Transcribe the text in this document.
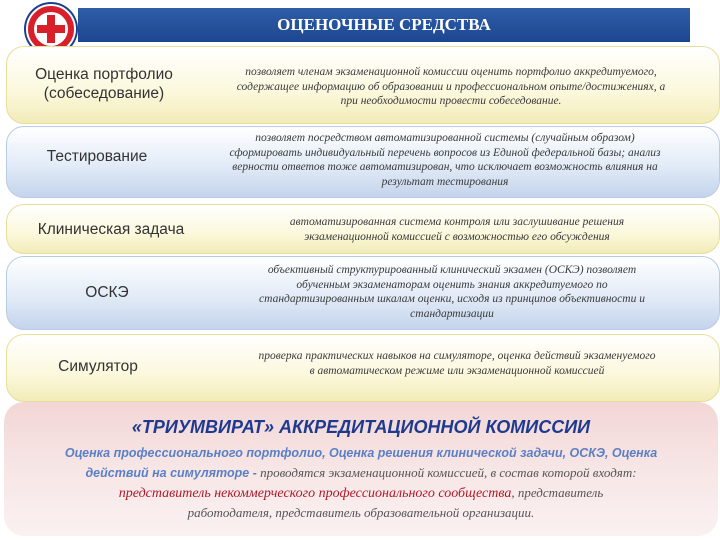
ОЦЕНОЧНЫЕ СРЕДСТВА
Оценка портфолио
(собеседование)
позволяет членам экзаменационной комиссии оценить портфолио аккредитуемого,
содержащее информацию об образовании и профессиональном опыте/достижениях, а
при необходимости провести собеседование.
Тестирование
позволяет посредством автоматизированной системы (случайным образом)
сформировать индивидуальный перечень вопросов из Единой федеральной базы; анализ
верности ответов тоже автоматизирован, что исключает возможность влияния на
результат тестирования
Клиническая задача	автоматизированная система контроля или заслушивание решения
экзаменационной комиссией с возможностью его обсуждения
ОСКЭ
объективный структурированный клинический экзамен (ОСКЭ) позволяет
обученным экзаменаторам оценить знания аккредитуемого по
стандартизированным шкалам оценки, исходя из принципов объективности и
стандартизации
Симулятор
проверка практических навыков на симуляторе, оценка действий экзаменуемого
в автоматическом режиме или экзаменационной комиссией
«ТРИУМВИРАТ» АККРЕДИТАЦИОННОЙ КОМИССИИ
Оценка профессионального портфолио, Оценка решения клинической задачи, ОСКЭ, Оценка
действий на симуляторе - проводятся экзаменационной комиссией, в состав которой входят:
представитель некоммерческого профессионального сообщества, представитель
работодателя, представитель образовательной организации.
